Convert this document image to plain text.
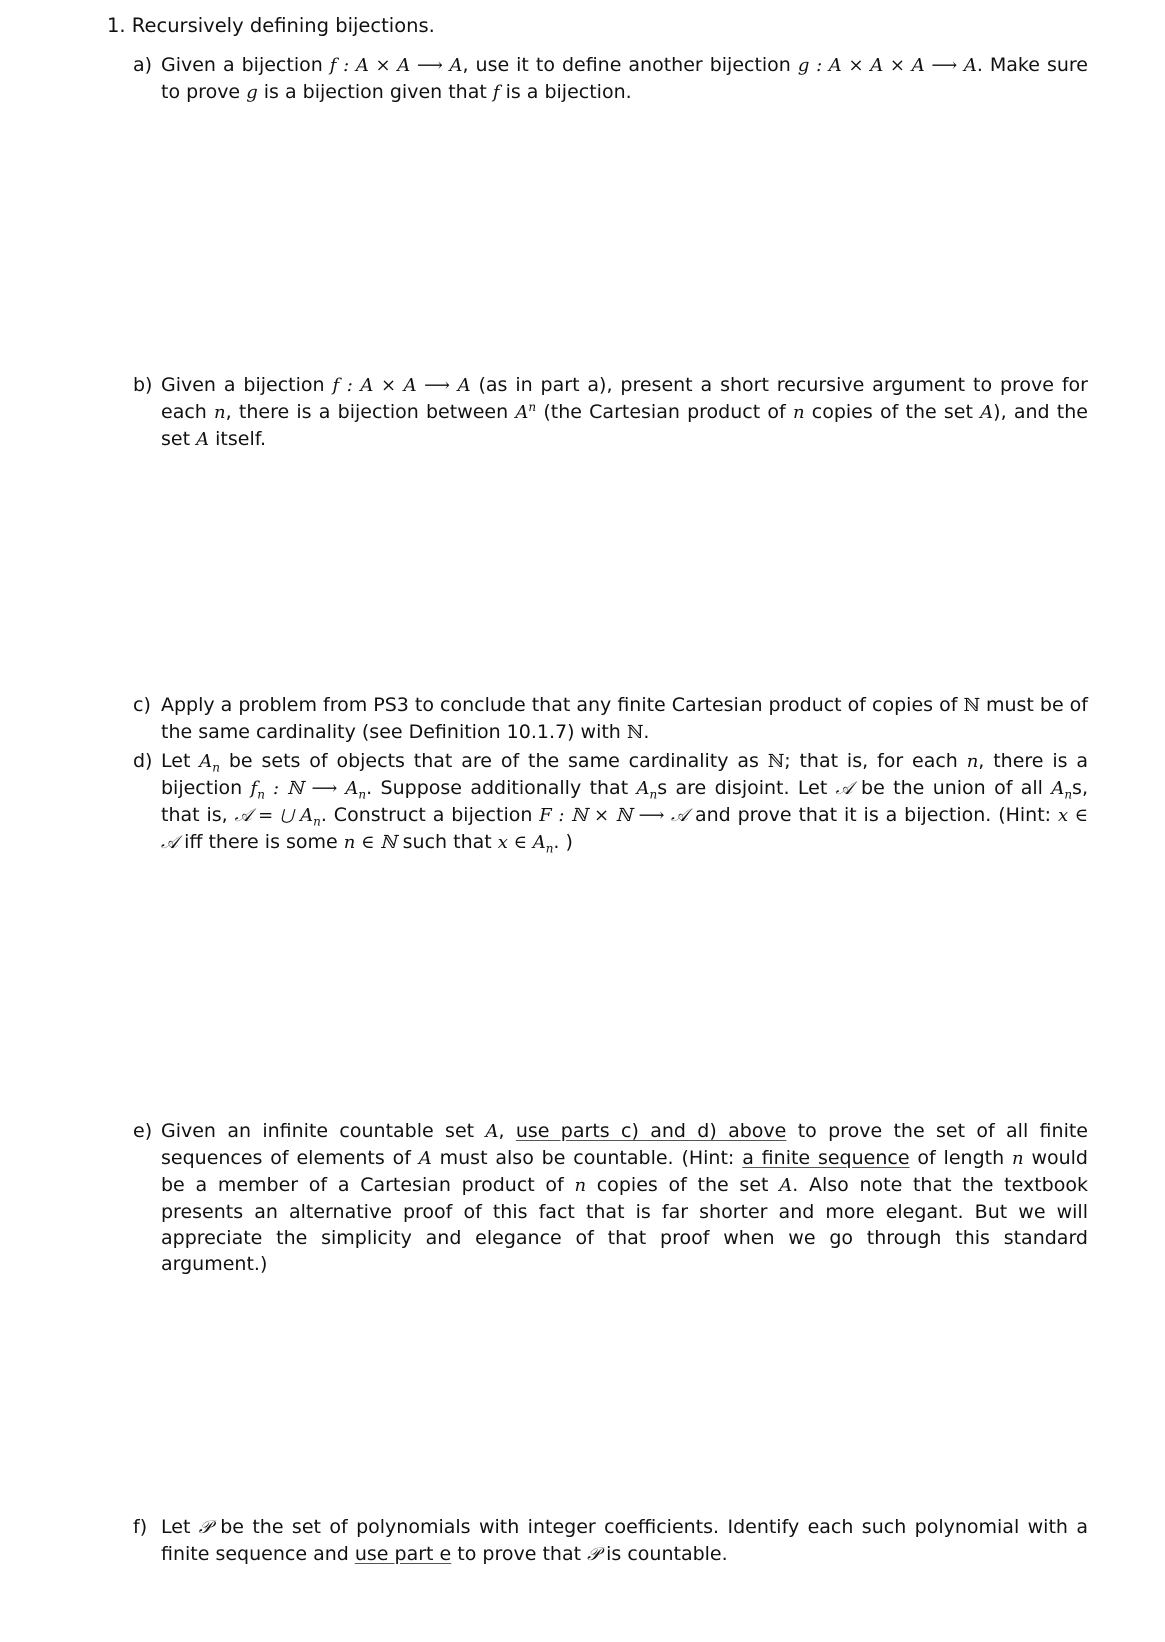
1. Recursively defining bijections.
a) Given a bijection f : A × A ⟶ A, use it to define another bijection g : A × A × A ⟶ A. Make sure to prove g is a bijection given that f is a bijection.
b) Given a bijection f : A × A ⟶ A (as in part a), present a short recursive argument to prove for each n, there is a bijection between $A^n$ (the Cartesian product of n copies of the set A), and the set A itself.
c) Apply a problem from PS3 to conclude that any finite Cartesian product of copies of ℕ must be of the same cardinality (see Definition 10.1.7) with ℕ.
d) Let $A_n$ be sets of objects that are of the same cardinality as ℕ; that is, for each n, there is a bijection $f_n$ : ℕ ⟶ $A_n$. Suppose additionally that $A_ns$ are disjoint. Let 𝒜 be the union of all $A_ns$, that is, 𝒜 = ⋃ $A_n$. Construct a bijection F : ℕ × ℕ ⟶ 𝒜 and prove that it is a bijection. (Hint: x ∈ 𝒜 iff there is some n ∈ ℕ such that x ∈ $A_n$. )
e) Given an infinite countable set A, use parts c) and d) above to prove the set of all finite sequences of elements of A must also be countable. (Hint: a finite sequence of length n would be a member of a Cartesian product of n copies of the set A. Also note that the textbook presents an alternative proof of this fact that is far shorter and more elegant. But we will appreciate the simplicity and elegance of that proof when we go through this standard argument.)
f) Let 𝒫 be the set of polynomials with integer coefficients. Identify each such polynomial with a finite sequence and use part e to prove that 𝒫 is countable.
